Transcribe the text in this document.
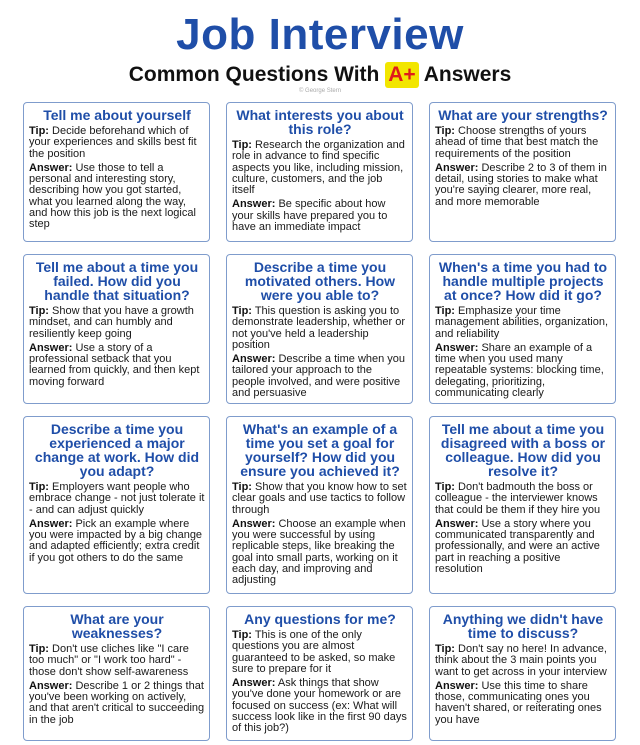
Job Interview
Common Questions With A+ Answers
© George Stern
Tell me about yourself

Tip: Decide beforehand which of your experiences and skills best fit the position

Answer: Use those to tell a personal and interesting story, describing how you got started, what you learned along the way, and how this job is the next logical step

What interests you about this role?

Tip: Research the organization and role in advance to find specific aspects you like, including mission, culture, customers, and the job itself

Answer: Be specific about how your skills have prepared you to have an immediate impact

What are your strengths?

Tip: Choose strengths of yours ahead of time that best match the requirements of the position

Answer: Describe 2 to 3 of them in detail, using stories to make what you're saying clearer, more real, and more memorable

Tell me about a time you failed. How did you handle that situation?

Tip: Show that you have a growth mindset, and can humbly and resiliently keep going

Answer: Use a story of a professional setback that you learned from quickly, and then kept moving forward

Describe a time you motivated others. How were you able to?

Tip: This question is asking you to demonstrate leadership, whether or not you've held a leadership position

Answer: Describe a time when you tailored your approach to the people involved, and were positive and persuasive

When's a time you had to handle multiple projects at once? How did it go?

Tip: Emphasize your time management abilities, organization, and reliability

Answer: Share an example of a time when you used many repeatable systems: blocking time, delegating, prioritizing, communicating clearly

Describe a time you experienced a major change at work. How did you adapt?

Tip: Employers want people who embrace change - not just tolerate it - and can adjust quickly

Answer: Pick an example where you were impacted by a big change and adapted efficiently; extra credit if you got others to do the same

What's an example of a time you set a goal for yourself? How did you ensure you achieved it?

Tip: Show that you know how to set clear goals and use tactics to follow through

Answer: Choose an example when you were successful by using replicable steps, like breaking the goal into small parts, working on it each day, and improving and adjusting

Tell me about a time you disagreed with a boss or colleague. How did you resolve it?

Tip: Don't badmouth the boss or colleague - the interviewer knows that could be them if they hire you

Answer: Use a story where you communicated transparently and professionally, and were an active part in reaching a positive resolution

What are your weaknesses?

Tip: Don't use cliches like "I care too much" or "I work too hard" - those don't show self-awareness

Answer: Describe 1 or 2 things that you've been working on actively, and that aren't critical to succeeding in the job

Any questions for me?

Tip: This is one of the only questions you are almost guaranteed to be asked, so make sure to prepare for it

Answer: Ask things that show you've done your homework or are focused on success (ex: What will success look like in the first 90 days of this job?)

Anything we didn't have time to discuss?

Tip: Don't say no here! In advance, think about the 3 main points you want to get across in your interview

Answer: Use this time to share those, communicating ones you haven't shared, or reiterating ones you have
